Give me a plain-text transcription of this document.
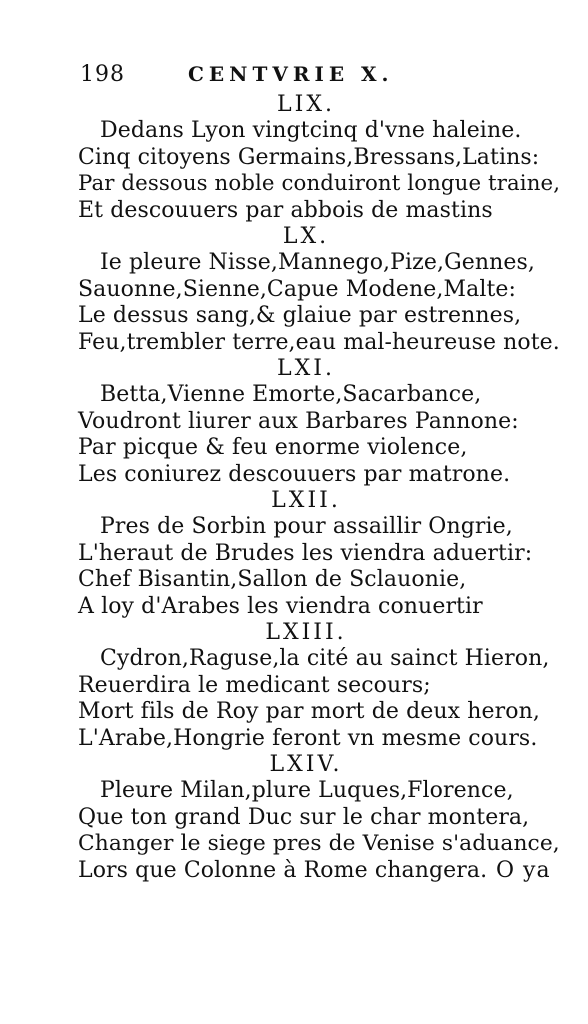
198	CENTVRIE X.
LIX.
Dedans Lyon vingtcinq d'vne haleine.
Cinq citoyens Germains,Bressans,Latins:
Par dessous noble conduiront longue traine,
Et descouuers par abbois de mastins
LX.
Ie pleure Nisse,Mannego,Pize,Gennes,
Sauonne,Sienne,Capue Modene,Malte:
Le dessus sang,& glaiue par estrennes,
Feu,trembler terre,eau mal-heureuse note.
LXI.
Betta,Vienne Emorte,Sacarbance,
Voudront liurer aux Barbares Pannone:
Par picque & feu enorme violence,
Les coniurez descouuers par matrone.
LXII.
Pres de Sorbin pour assaillir Ongrie,
L'heraut de Brudes les viendra aduertir:
Chef Bisantin,Sallon de Sclauonie,
A loy d'Arabes les viendra conuertir
LXIII.
Cydron,Raguse,la cité au sainct Hieron,
Reuerdira le medicant secours;
Mort fils de Roy par mort de deux heron,
L'Arabe,Hongrie feront vn mesme cours.
LXIV.
Pleure Milan,plure Luques,Florence,
Que ton grand Duc sur le char montera,
Changer le siege pres de Venise s'aduance,
Lors que Colonne à Rome changera. O ya
